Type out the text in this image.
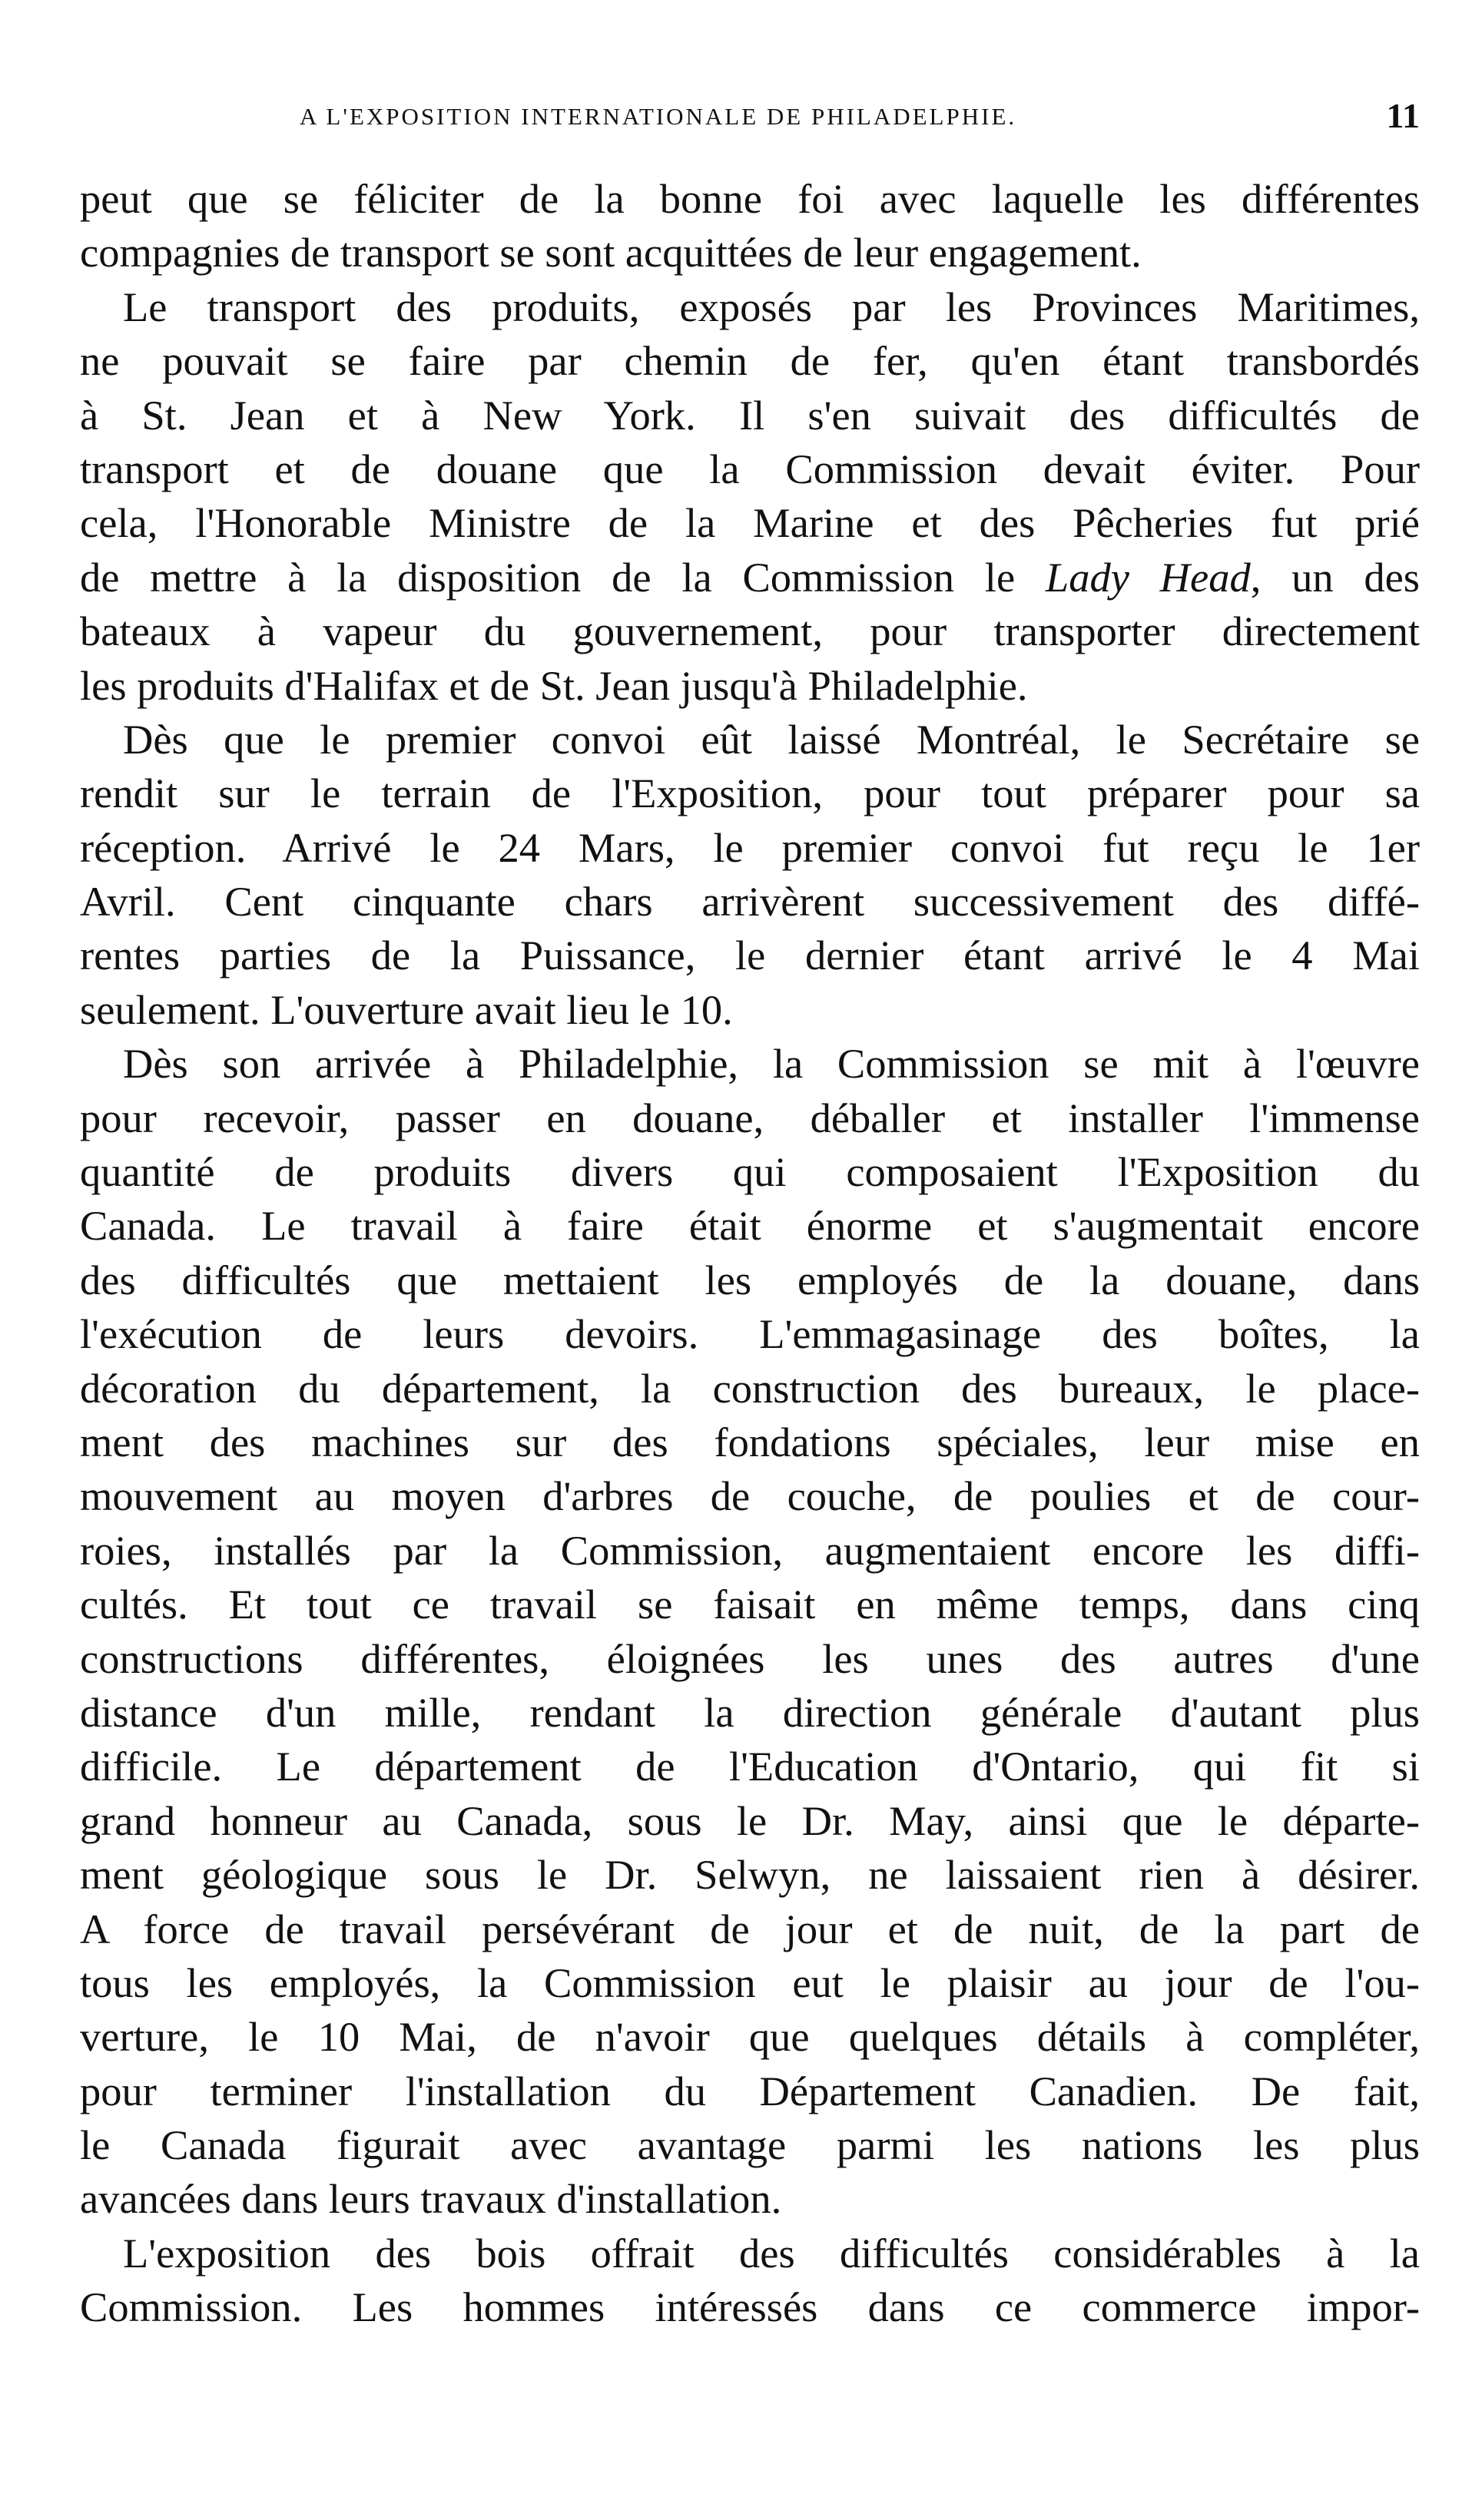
A L'EXPOSITION INTERNATIONALE DE PHILADELPHIE.	11
peut que se féliciter de la bonne foi avec laquelle les différentes
compagnies de transport se sont acquittées de leur engagement.
Le transport des produits, exposés par les Provinces Maritimes,
ne pouvait se faire par chemin de fer, qu'en étant transbordés
à St. Jean et à New York. Il s'en suivait des difficultés de
transport et de douane que la Commission devait éviter. Pour
cela, l'Honorable Ministre de la Marine et des Pêcheries fut prié
de mettre à la disposition de la Commission le Lady Head, un des
bateaux à vapeur du gouvernement, pour transporter directement
les produits d'Halifax et de St. Jean jusqu'à Philadelphie.
Dès que le premier convoi eût laissé Montréal, le Secrétaire se
rendit sur le terrain de l'Exposition, pour tout préparer pour sa
réception. Arrivé le 24 Mars, le premier convoi fut reçu le 1er
Avril. Cent cinquante chars arrivèrent successivement des diffé-
rentes parties de la Puissance, le dernier étant arrivé le 4 Mai
seulement. L'ouverture avait lieu le 10.
Dès son arrivée à Philadelphie, la Commission se mit à l'œuvre
pour recevoir, passer en douane, déballer et installer l'immense
quantité de produits divers qui composaient l'Exposition du
Canada. Le travail à faire était énorme et s'augmentait encore
des difficultés que mettaient les employés de la douane, dans
l'exécution de leurs devoirs. L'emmagasinage des boîtes, la
décoration du département, la construction des bureaux, le place-
ment des machines sur des fondations spéciales, leur mise en
mouvement au moyen d'arbres de couche, de poulies et de cour-
roies, installés par la Commission, augmentaient encore les diffi-
cultés. Et tout ce travail se faisait en même temps, dans cinq
constructions différentes, éloignées les unes des autres d'une
distance d'un mille, rendant la direction générale d'autant plus
difficile. Le département de l'Education d'Ontario, qui fit si
grand honneur au Canada, sous le Dr. May, ainsi que le départe-
ment géologique sous le Dr. Selwyn, ne laissaient rien à désirer.
A force de travail persévérant de jour et de nuit, de la part de
tous les employés, la Commission eut le plaisir au jour de l'ou-
verture, le 10 Mai, de n'avoir que quelques détails à compléter,
pour terminer l'installation du Département Canadien. De fait,
le Canada figurait avec avantage parmi les nations les plus
avancées dans leurs travaux d'installation.
L'exposition des bois offrait des difficultés considérables à la
Commission. Les hommes intéressés dans ce commerce impor-
